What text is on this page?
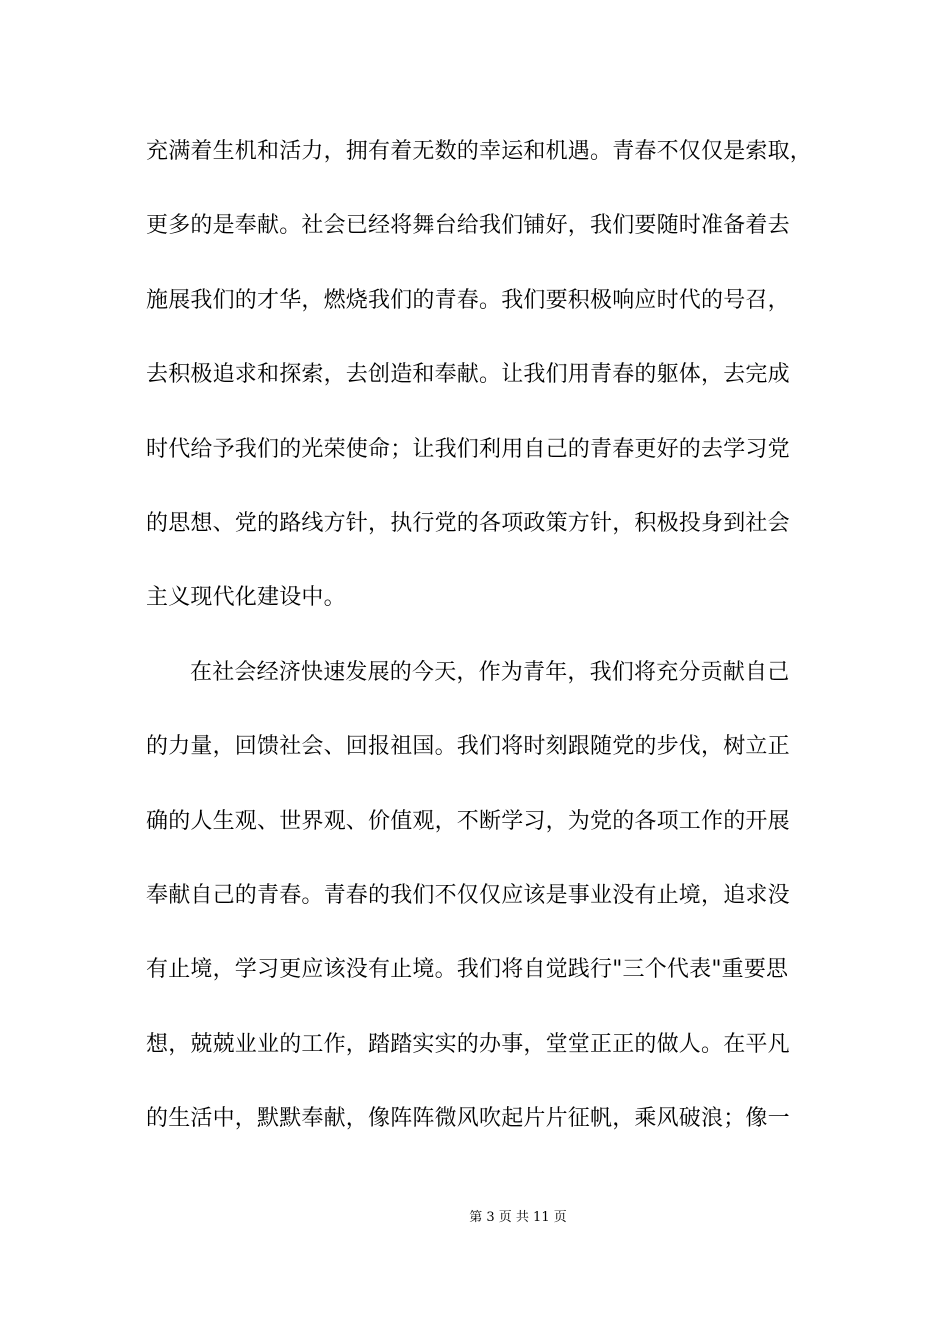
充满着生机和活力，拥有着无数的幸运和机遇。青春不仅仅是索取，
更多的是奉献。社会已经将舞台给我们铺好，我们要随时准备着去
施展我们的才华，燃烧我们的青春。我们要积极响应时代的号召，
去积极追求和探索，去创造和奉献。让我们用青春的躯体，去完成
时代给予我们的光荣使命；让我们利用自己的青春更好的去学习党
的思想、党的路线方针，执行党的各项政策方针，积极投身到社会
主义现代化建设中。
在社会经济快速发展的今天，作为青年，我们将充分贡献自己
的力量，回馈社会、回报祖国。我们将时刻跟随党的步伐，树立正
确的人生观、世界观、价值观，不断学习，为党的各项工作的开展
奉献自己的青春。青春的我们不仅仅应该是事业没有止境，追求没
有止境，学习更应该没有止境。我们将自觉践行"三个代表"重要思
想，兢兢业业的工作，踏踏实实的办事，堂堂正正的做人。在平凡
的生活中，默默奉献，像阵阵微风吹起片片征帆，乘风破浪；像一
第 3 页 共 11 页
